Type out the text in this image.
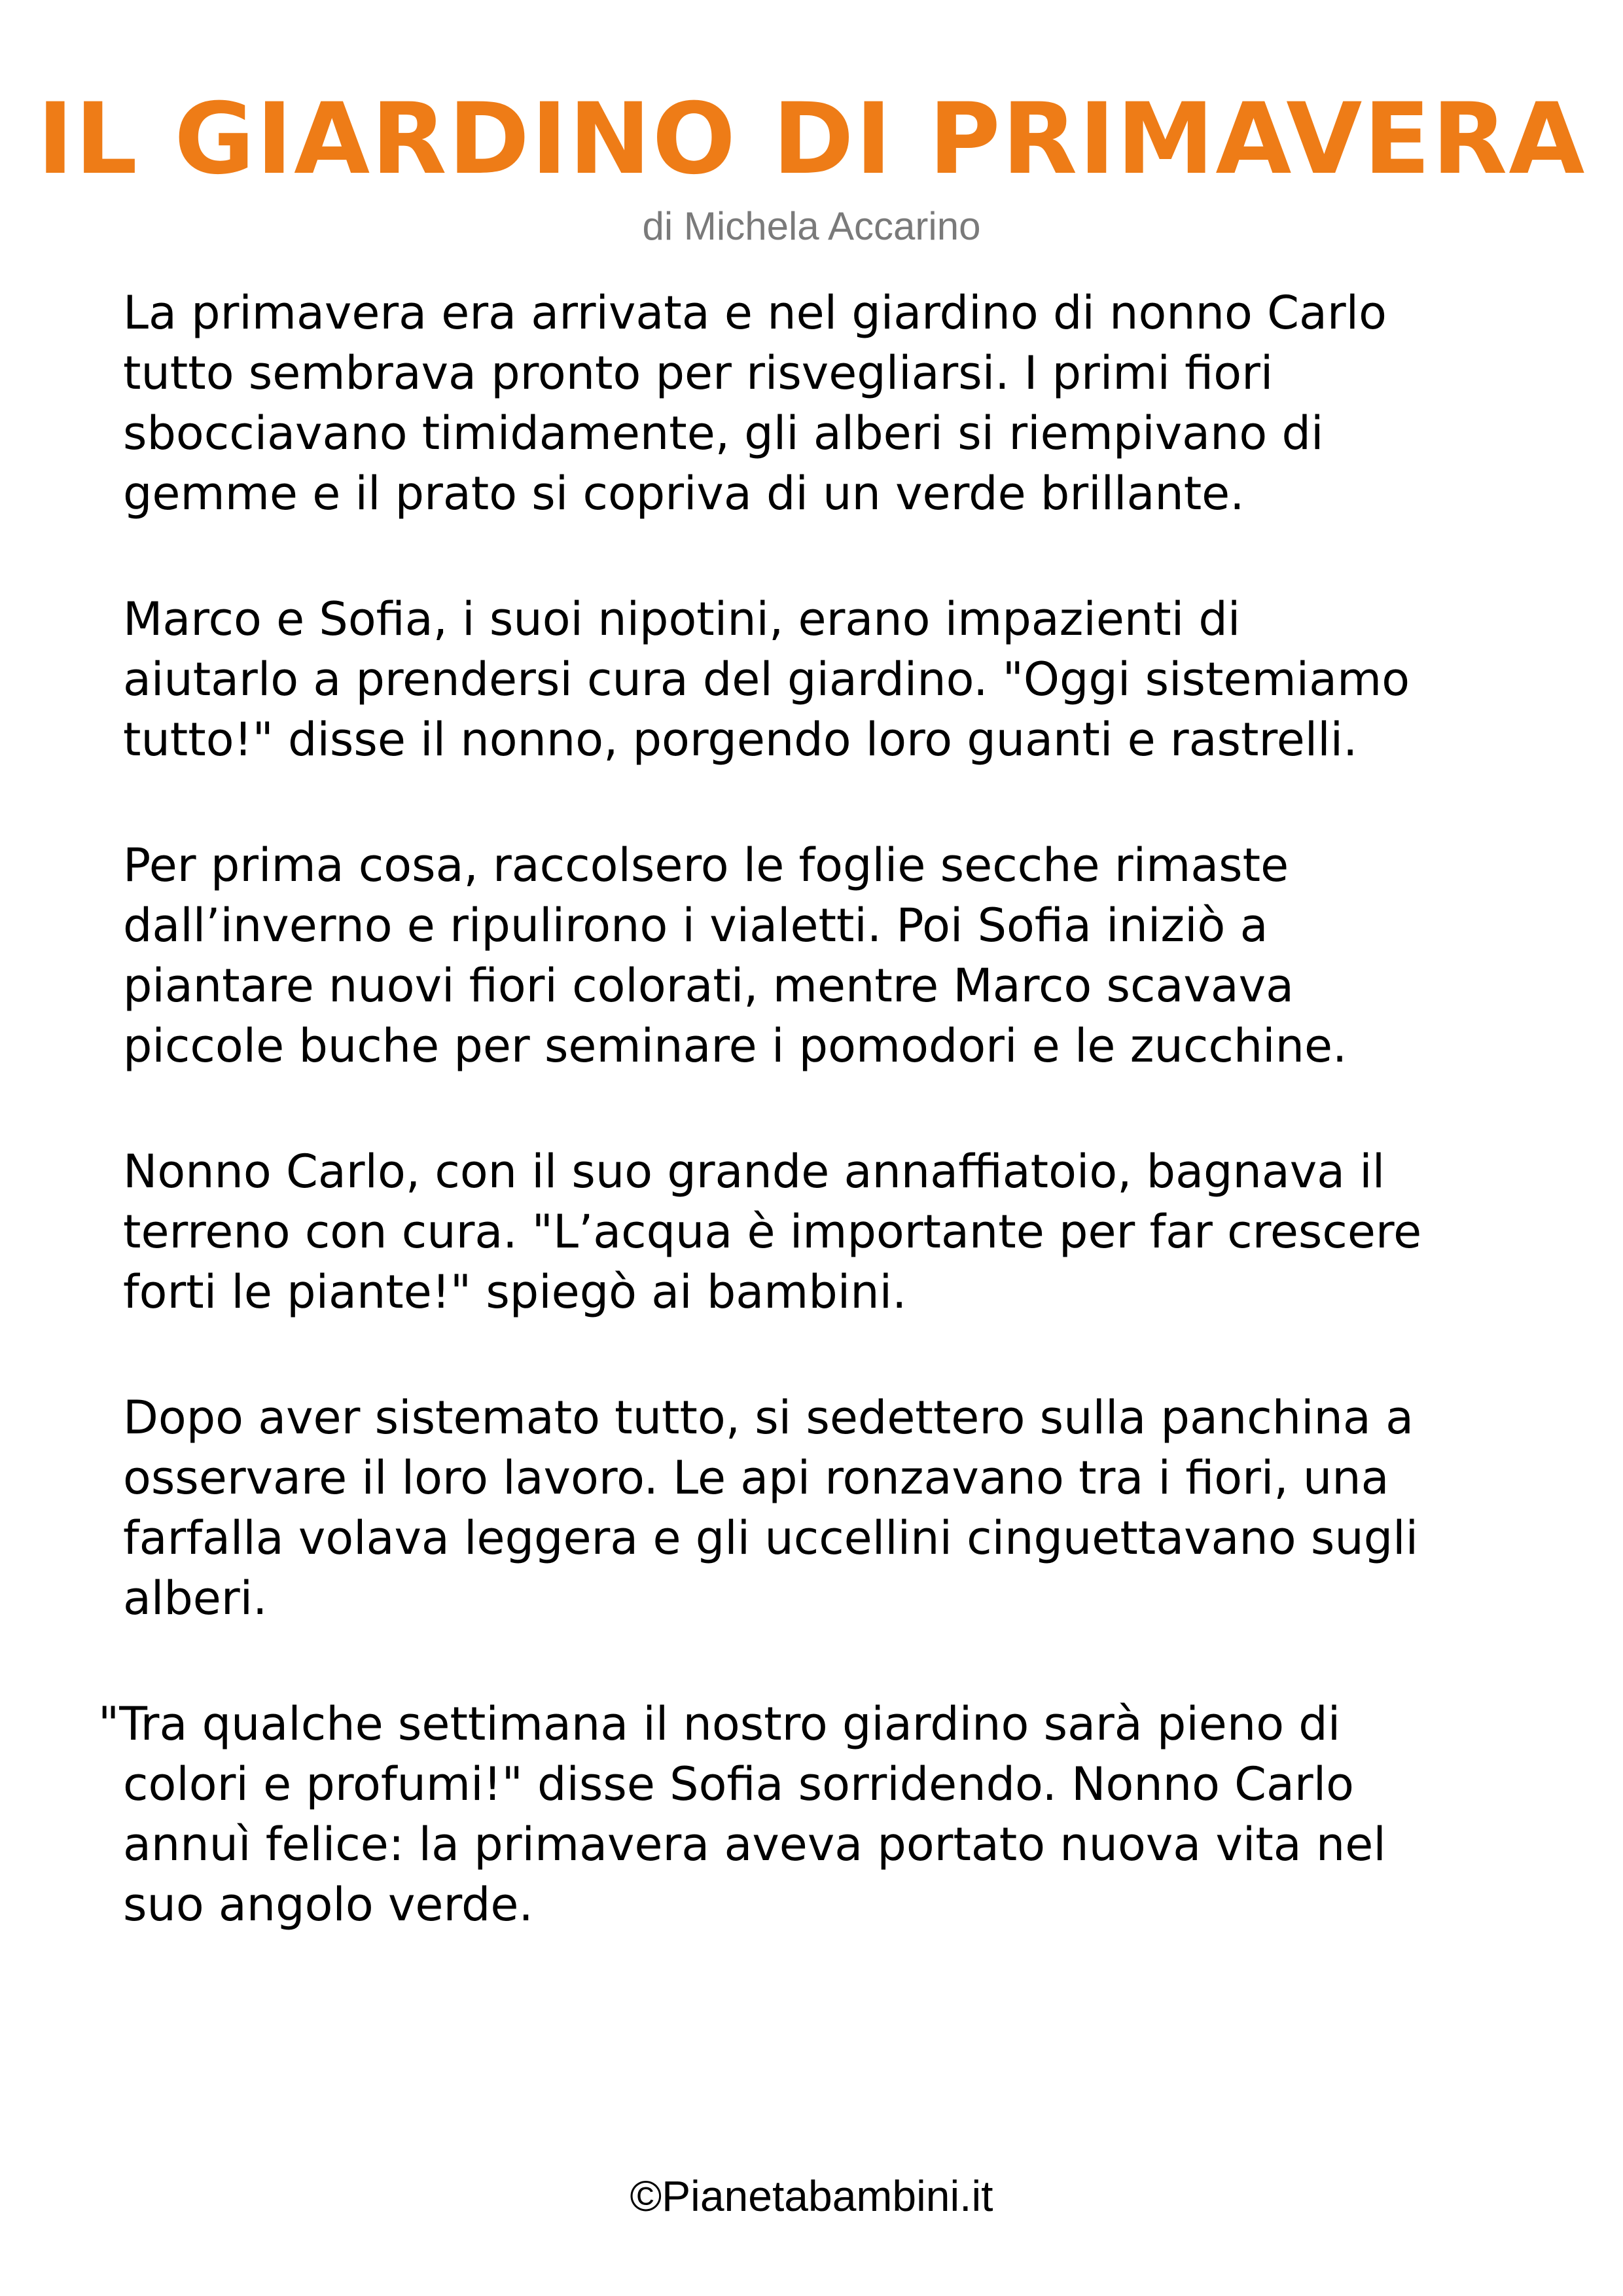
IL GIARDINO DI PRIMAVERA
di Michela Accarino

La primavera era arrivata e nel giardino di nonno Carlo
tutto sembrava pronto per risvegliarsi. I primi fiori
sbocciavano timidamente, gli alberi si riempivano di
gemme e il prato si copriva di un verde brillante.

Marco e Sofia, i suoi nipotini, erano impazienti di
aiutarlo a prendersi cura del giardino. "Oggi sistemiamo
tutto!" disse il nonno, porgendo loro guanti e rastrelli.

Per prima cosa, raccolsero le foglie secche rimaste
dall’inverno e ripulirono i vialetti. Poi Sofia iniziò a
piantare nuovi fiori colorati, mentre Marco scavava
piccole buche per seminare i pomodori e le zucchine.

Nonno Carlo, con il suo grande annaffiatoio, bagnava il
terreno con cura. "L’acqua è importante per far crescere
forti le piante!" spiegò ai bambini.

Dopo aver sistemato tutto, si sedettero sulla panchina a
osservare il loro lavoro. Le api ronzavano tra i fiori, una
farfalla volava leggera e gli uccellini cinguettavano sugli
alberi.

"Tra qualche settimana il nostro giardino sarà pieno di
colori e profumi!" disse Sofia sorridendo. Nonno Carlo
annuì felice: la primavera aveva portato nuova vita nel
suo angolo verde.

©Pianetabambini.it
